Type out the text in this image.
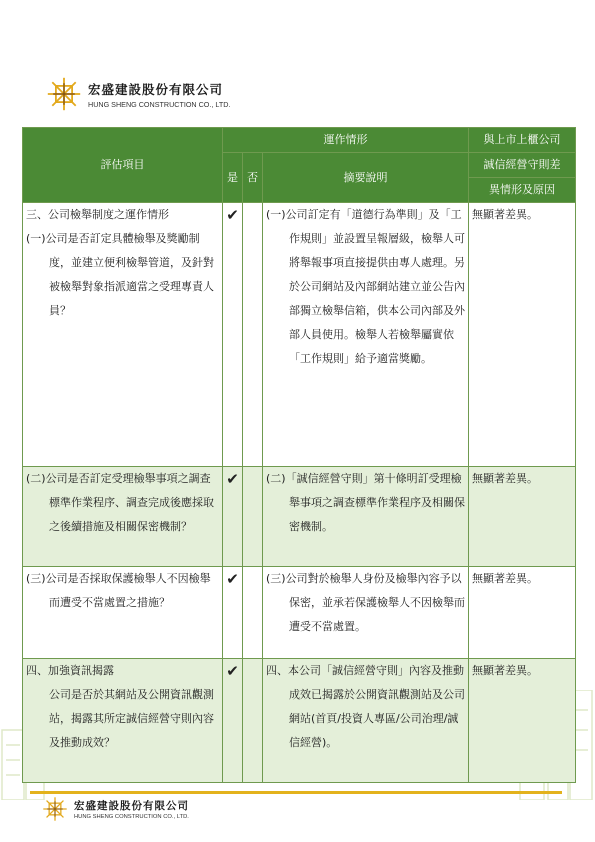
宏盛建設股份有限公司
HUNG SHENG CONSTRUCTION CO., LTD.
評估項目	運作情形			與上市上櫃公司
	是	否	摘要說明	誠信經營守則差
				異情形及原因

三、公司檢舉制度之運作情形
(一)公司是否訂定具體檢舉及獎勵制度，並建立便利檢舉管道，及針對被檢舉對象指派適當之受理專責人員？	✔		(一)公司訂定有「道德行為準則」及「工作規則」並設置呈報層級，檢舉人可將舉報事項直接提供由專人處理。另於公司網站及內部網站建立並公告內部獨立檢舉信箱，供本公司內部及外部人員使用。檢舉人若檢舉屬實依「工作規則」給予適當獎勵。	無顯著差異。

(二)公司是否訂定受理檢舉事項之調查標準作業程序、調查完成後應採取之後續措施及相關保密機制？	✔		(二)「誠信經營守則」第十條明訂受理檢舉事項之調查標準作業程序及相關保密機制。	無顯著差異。

(三)公司是否採取保護檢舉人不因檢舉而遭受不當處置之措施？	✔		(三)公司對於檢舉人身份及檢舉內容予以保密，並承若保護檢舉人不因檢舉而遭受不當處置。	無顯著差異。

四、加強資訊揭露
公司是否於其網站及公開資訊觀測站，揭露其所定誠信經營守則內容及推動成效？	✔		四、本公司「誠信經營守則」內容及推動成效已揭露於公開資訊觀測站及公司網站(首頁/投資人專區/公司治理/誠信經營)。	無顯著差異。
宏盛建設股份有限公司
HUNG SHENG CONSTRUCTION CO., LTD.
